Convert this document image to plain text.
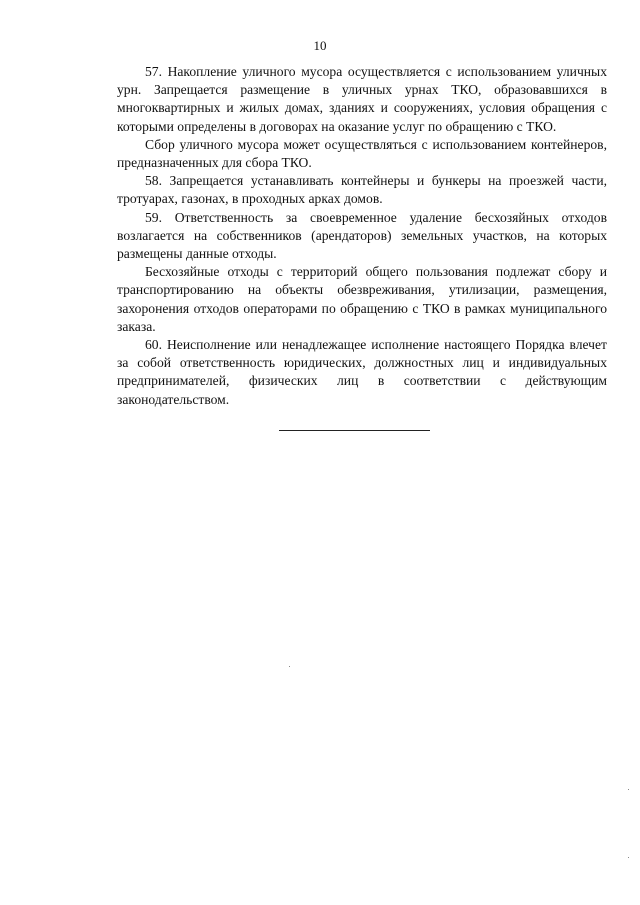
10

57. Накопление уличного мусора осуществляется с использованием уличных урн. Запрещается размещение в уличных урнах ТКО, образовавшихся в многоквартирных и жилых домах, зданиях и сооружениях, условия обращения с которыми определены в договорах на оказание услуг по обращению с ТКО.

Сбор уличного мусора может осуществляться с использованием контейнеров, предназначенных для сбора ТКО.

58. Запрещается устанавливать контейнеры и бункеры на проезжей части, тротуарах, газонах, в проходных арках домов.

59. Ответственность за своевременное удаление бесхозяйных отходов возлагается на собственников (арендаторов) земельных участков, на которых размещены данные отходы.

Бесхозяйные отходы с территорий общего пользования подлежат сбору и транспортированию на объекты обезвреживания, утилизации, размещения, захоронения отходов операторами по обращению с ТКО в рамках муниципального заказа.

60. Неисполнение или ненадлежащее исполнение настоящего Порядка влечет за собой ответственность юридических, должностных лиц и индивидуальных предпринимателей, физических лиц в соответствии с действующим законодательством.
